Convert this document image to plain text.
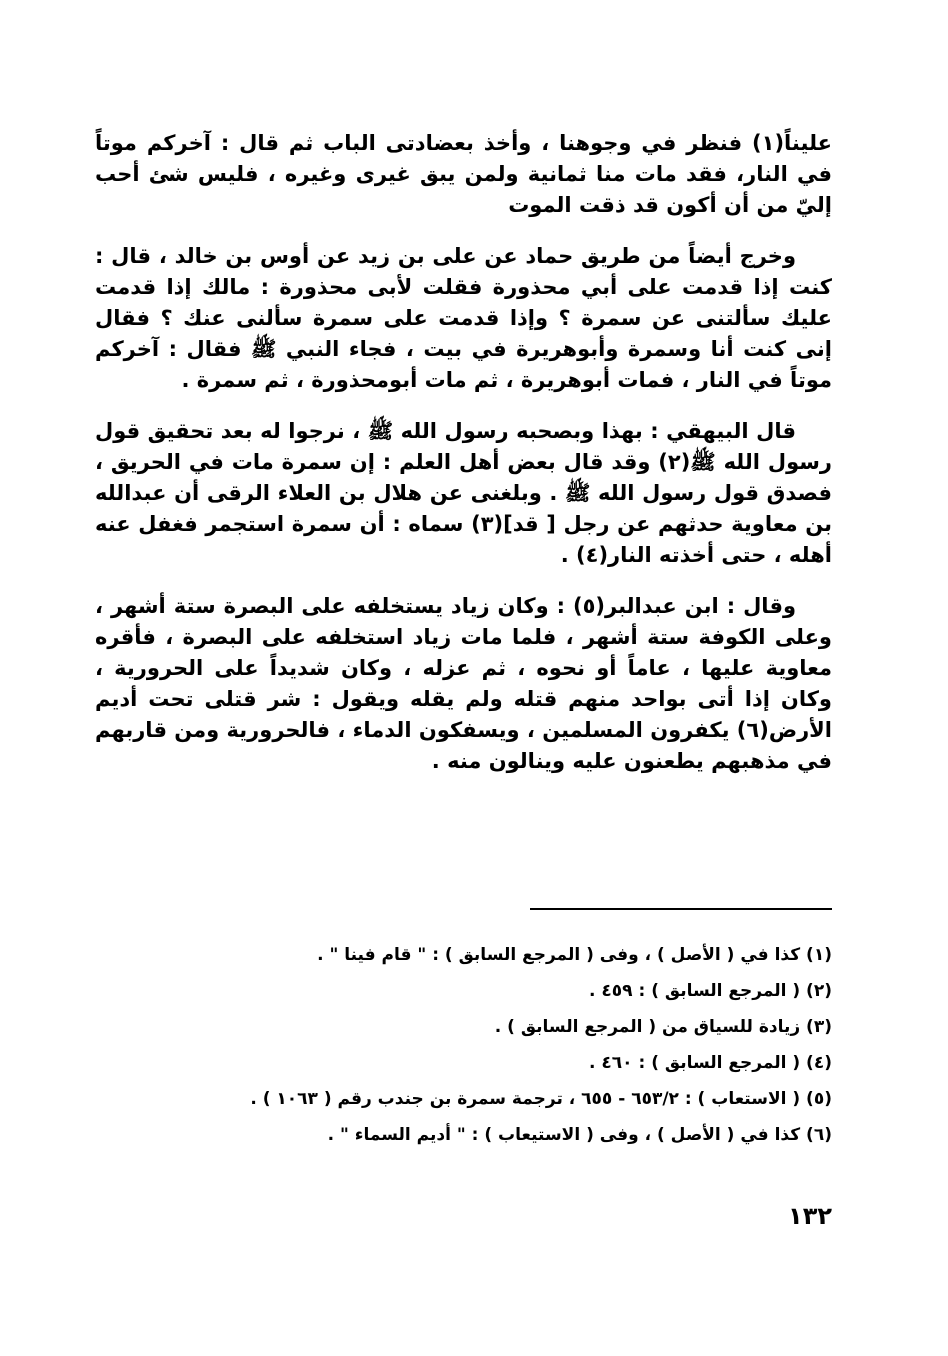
عليناً(١) فنظر في وجوهنا ، وأخذ بعضادتى الباب ثم قال : آخركم موتاً في النار، فقد مات منا ثمانية ولمن يبق غيرى وغيره ، فليس شئ أحب إليّ من أن أكون قد ذقت الموت

وخرج أيضاً من طريق حماد عن على بن زيد عن أوس بن خالد ، قال : كنت إذا قدمت على أبي محذورة فقلت لأبى محذورة : مالك إذا قدمت عليك سألتنى عن سمرة ؟ وإذا قدمت على سمرة سألنى عنك ؟ فقال إنى كنت أنا وسمرة وأبوهريرة في بيت ، فجاء النبي ﷺ فقال : آخركم موتاً في النار ، فمات أبوهريرة ، ثم مات أبومحذورة ، ثم سمرة .

قال البيهقي : بهذا وبصحبه رسول الله ﷺ ، نرجوا له بعد تحقيق قول رسول الله ﷺ(٢) وقد قال بعض أهل العلم : إن سمرة مات في الحريق ، فصدق قول رسول الله ﷺ . وبلغنى عن هلال بن العلاء الرقى أن عبدالله بن معاوية حدثهم عن رجل [ قد](٣) سماه : أن سمرة استجمر فغفل عنه أهله ، حتى أخذته النار(٤) .

وقال : ابن عبدالبر(٥) : وكان زياد يستخلفه على البصرة ستة أشهر ، وعلى الكوفة ستة أشهر ، فلما مات زياد استخلفه على البصرة ، فأقره معاوية عليها ، عاماً أو نحوه ، ثم عزله ، وكان شديداً على الحرورية ، وكان إذا أتى بواحد منهم قتله ولم يقله ويقول : شر قتلى تحت أديم الأرض(٦) يكفرون المسلمين ، ويسفكون الدماء ، فالحرورية ومن قاربهم في مذهبهم يطعنون عليه وينالون منه .

(١) كذا في ( الأصل ) ، وفى ( المرجع السابق ) : " قام فينا " .
(٢) ( المرجع السابق ) : ٤٥٩ .
(٣) زيادة للسياق من ( المرجع السابق ) .
(٤) ( المرجع السابق ) : ٤٦٠ .
(٥) ( الاستعاب ) : ٦٥٣/٢ - ٦٥٥ ، ترجمة سمرة بن جندب رقم ( ١٠٦٣ ) .
(٦) كذا في ( الأصل ) ، وفى ( الاستيعاب ) : " أديم السماء " .
١٣٢
